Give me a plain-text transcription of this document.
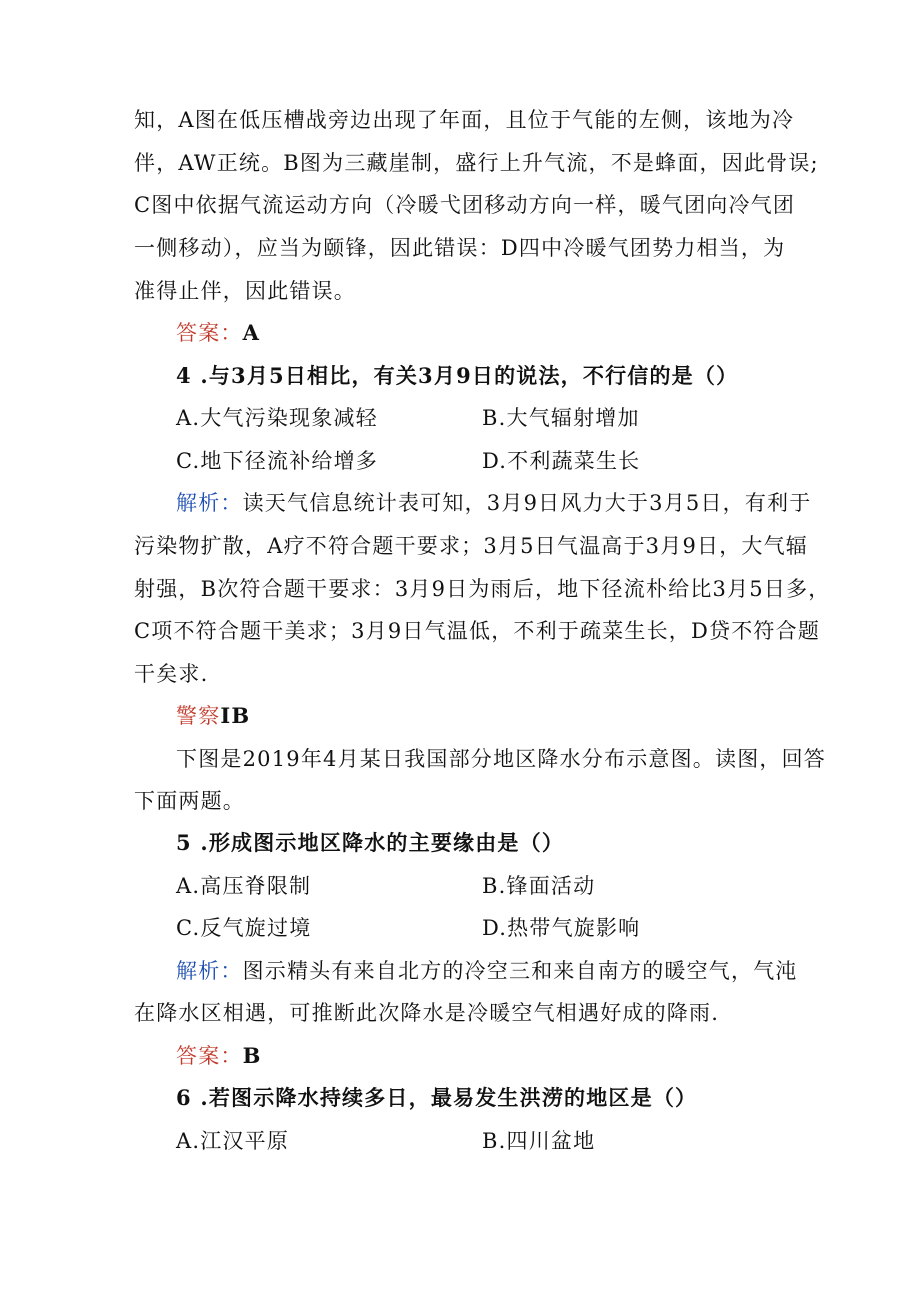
知，A图在低压槽战旁边出现了年面，且位于气能的左侧，该地为冷
伴，AW正统。B图为三藏崖制，盛行上升气流，不是蜂面，因此骨误;
C图中依据气流运动方向（冷暖弋团移动方向一样，暖气团向冷气团
一侧移动），应当为颐锋，因此错误：D四中冷暖气团势力相当，为
准得止伴，因此错误。
答案：A
4 .与3月5日相比，有关3月9日的说法，不行信的是（）
A.大气污染现象减轻	B.大气辐射增加
C.地下径流补给增多	D.不利蔬菜生长
解析：读天气信息统计表可知，3月9日风力大于3月5日，有利于
污染物扩散，A疗不符合题干要求；3月5日气温高于3月9日，大气辐
射强，B次符合题干要求：3月9日为雨后，地下径流朴给比3月5日多，
C项不符合题干美求；3月9日气温低，不利于疏菜生长，D贷不符合题
干矣求.
警察IB
下图是2019年4月某日我国部分地区降水分布示意图。读图，回答
下面两题。
5 .形成图示地区降水的主要缘由是（）
A.高压脊限制	B.锋面活动
C.反气旋过境	D.热带气旋影响
解析：图示精头有来自北方的冷空三和来自南方的暖空气，气沌
在降水区相遇，可推断此次降水是冷暖空气相遇好成的降雨.
答案：B
6 .若图示降水持续多日，最易发生洪涝的地区是（）
A.江汉平原	B.四川盆地
